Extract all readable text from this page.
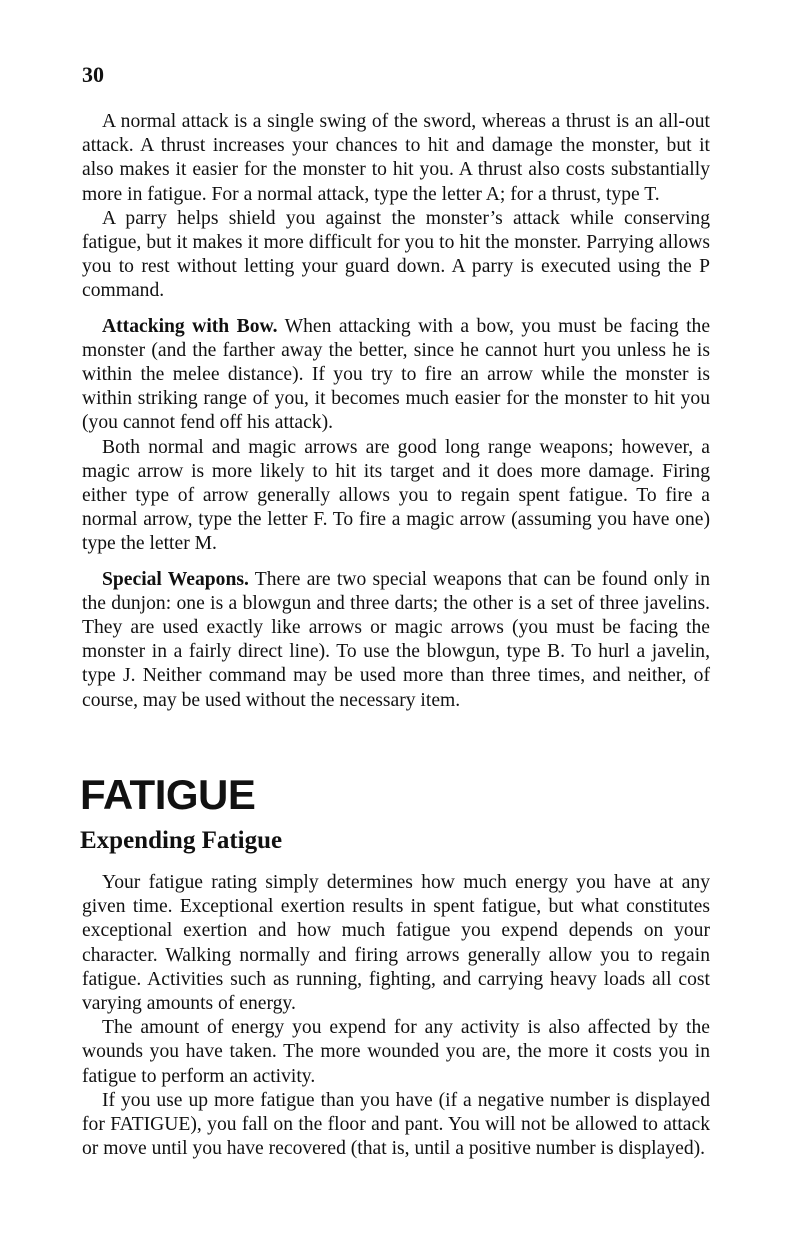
30

A normal attack is a single swing of the sword, whereas a thrust is an all-out attack. A thrust increases your chances to hit and damage the monster, but it also makes it easier for the monster to hit you. A thrust also costs substantially more in fatigue. For a normal attack, type the letter A; for a thrust, type T.

A parry helps shield you against the monster’s attack while conserving fatigue, but it makes it more difficult for you to hit the monster. Parrying allows you to rest without letting your guard down. A parry is executed using the P command.

Attacking with Bow. When attacking with a bow, you must be facing the monster (and the farther away the better, since he cannot hurt you unless he is within the melee distance). If you try to fire an arrow while the monster is within striking range of you, it becomes much easier for the monster to hit you (you cannot fend off his attack).

Both normal and magic arrows are good long range weapons; however, a magic arrow is more likely to hit its target and it does more damage. Firing either type of arrow generally allows you to regain spent fatigue. To fire a normal arrow, type the letter F. To fire a magic arrow (assuming you have one) type the letter M.

Special Weapons. There are two special weapons that can be found only in the dunjon: one is a blowgun and three darts; the other is a set of three javelins. They are used exactly like arrows or magic arrows (you must be facing the monster in a fairly direct line). To use the blowgun, type B. To hurl a javelin, type J. Neither command may be used more than three times, and neither, of course, may be used without the necessary item.

FATIGUE
Expending Fatigue

Your fatigue rating simply determines how much energy you have at any given time. Exceptional exertion results in spent fatigue, but what constitutes exceptional exertion and how much fatigue you expend depends on your character. Walking normally and firing arrows generally allow you to regain fatigue. Activities such as running, fighting, and carrying heavy loads all cost varying amounts of energy.

The amount of energy you expend for any activity is also affected by the wounds you have taken. The more wounded you are, the more it costs you in fatigue to perform an activity.

If you use up more fatigue than you have (if a negative number is displayed for FATIGUE), you fall on the floor and pant. You will not be allowed to attack or move until you have recovered (that is, until a positive number is displayed).
